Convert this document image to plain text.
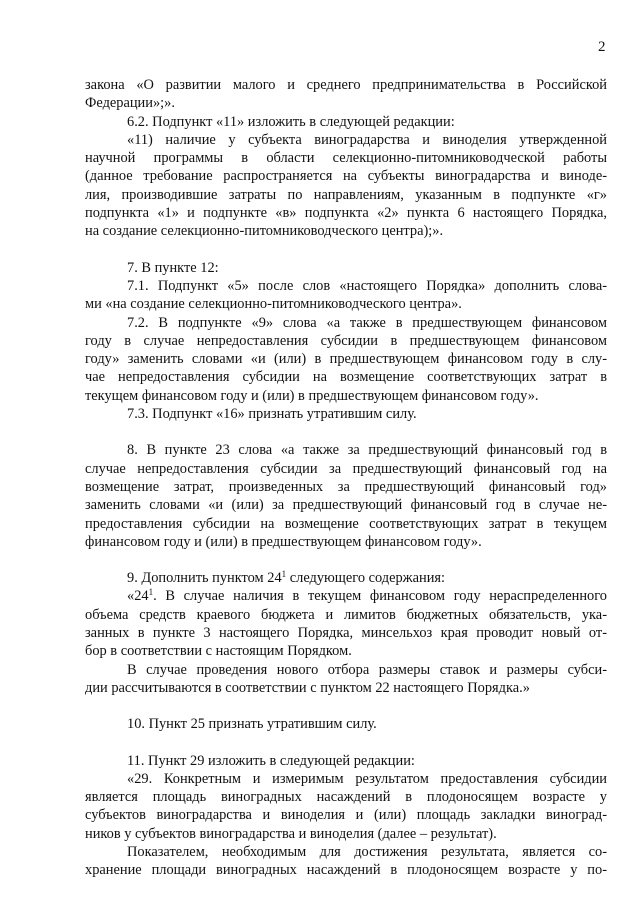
2

закона «О развитии малого и среднего предпринимательства в Российской

Федерации»;».

6.2. Подпункт «11» изложить в следующей редакции:

«11) наличие у субъекта виноградарства и виноделия утвержденной

научной программы в области селекционно-питомниководческой работы

(данное требование распространяется на субъекты виноградарства и виноде-

лия, производившие затраты по направлениям, указанным в подпункте «г»

подпункта «1» и подпункте «в» подпункта «2» пункта 6 настоящего Порядка,

на создание селекционно-питомниководческого центра);».

7. В пункте 12:

7.1. Подпункт «5» после слов «настоящего Порядка» дополнить слова-

ми «на создание селекционно-питомниководческого центра».

7.2. В подпункте «9» слова «а также в предшествующем финансовом

году в случае непредоставления субсидии в предшествующем финансовом

году» заменить словами «и (или) в предшествующем финансовом году в слу-

чае непредоставления субсидии на возмещение соответствующих затрат в

текущем финансовом году и (или) в предшествующем финансовом году».

7.3. Подпункт «16» признать утратившим силу.

8. В пункте 23 слова «а также за предшествующий финансовый год в

случае непредоставления субсидии за предшествующий финансовый год на

возмещение затрат, произведенных за предшествующий финансовый год»

заменить словами «и (или) за предшествующий финансовый год в случае не-

предоставления субсидии на возмещение соответствующих затрат в текущем

финансовом году и (или) в предшествующем финансовом году».

9. Дополнить пунктом $24^1$ следующего содержания:

«$24^1$. В случае наличия в текущем финансовом году нераспределенного

объема средств краевого бюджета и лимитов бюджетных обязательств, ука-

занных в пункте 3 настоящего Порядка, минсельхоз края проводит новый от-

бор в соответствии с настоящим Порядком.

В случае проведения нового отбора размеры ставок и размеры субси-

дии рассчитываются в соответствии с пунктом 22 настоящего Порядка.»

10. Пункт 25 признать утратившим силу.

11. Пункт 29 изложить в следующей редакции:

«29. Конкретным и измеримым результатом предоставления субсидии

является площадь виноградных насаждений в плодоносящем возрасте у

субъектов виноградарства и виноделия и (или) площадь закладки виноград-

ников у субъектов виноградарства и виноделия (далее – результат).

Показателем, необходимым для достижения результата, является со-

хранение площади виноградных насаждений в плодоносящем возрасте у по-
